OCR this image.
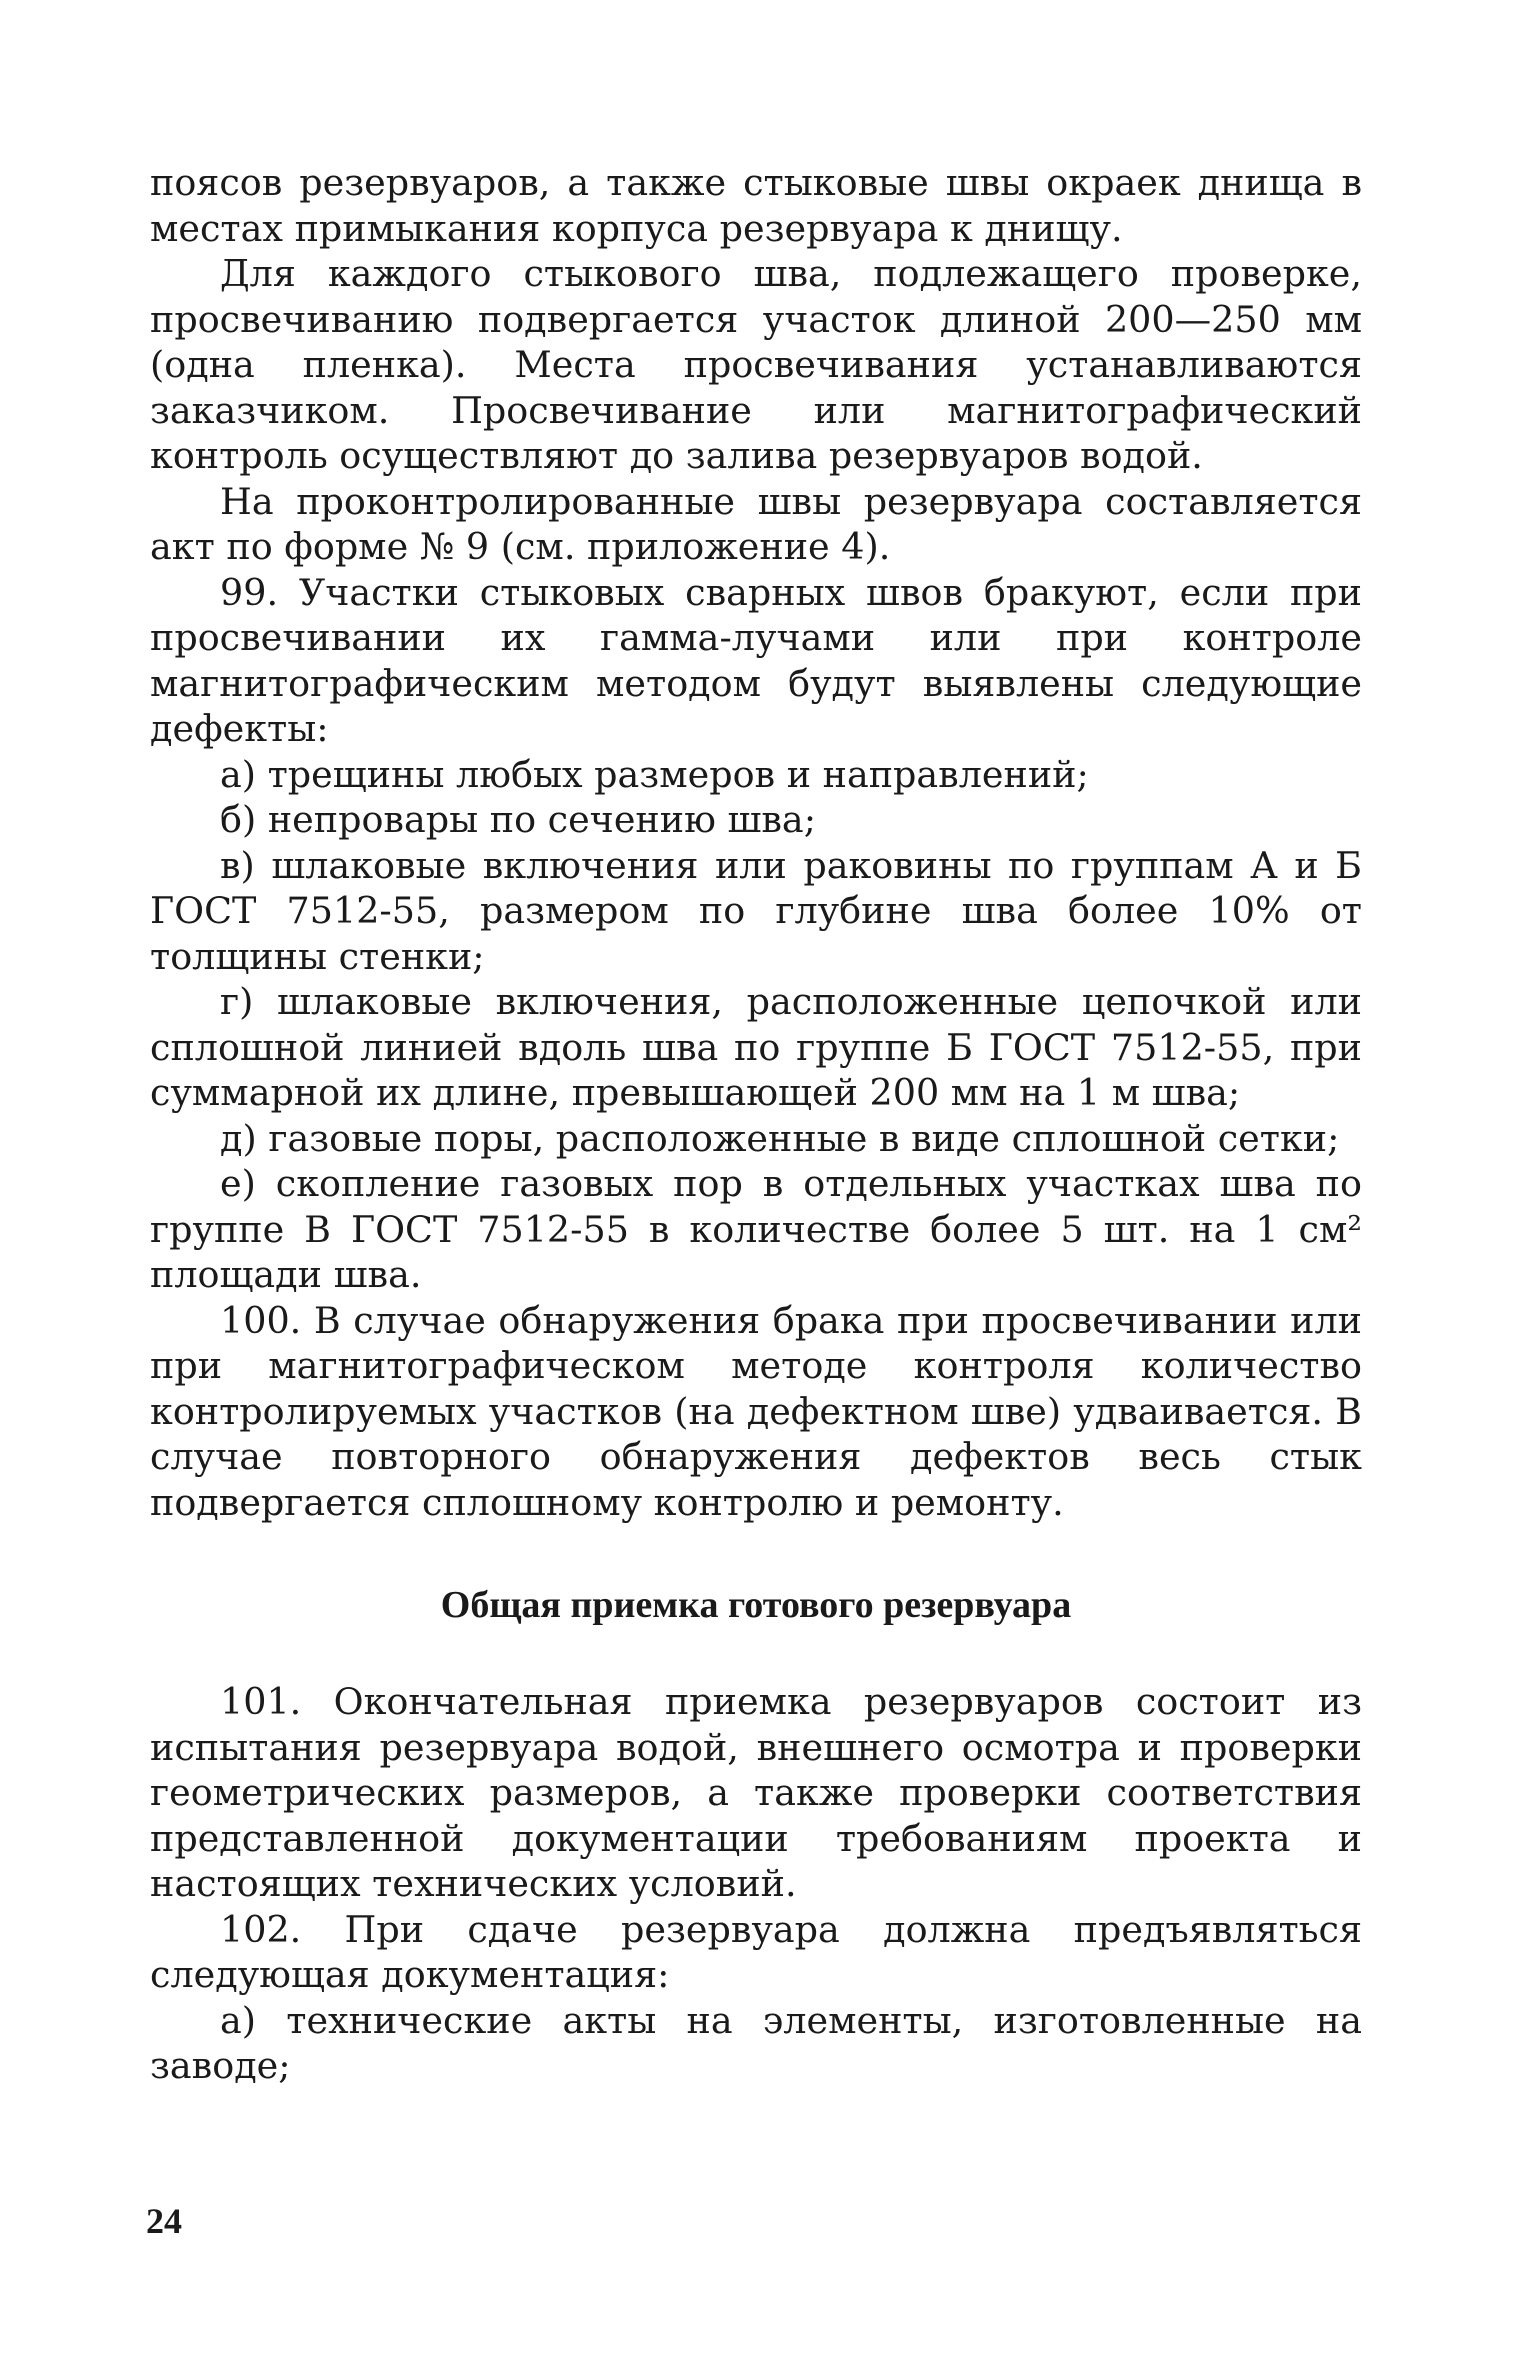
поясов резервуаров, а также стыковые швы окраек днища в местах примыкания корпуса резервуара к днищу.

Для каждого стыкового шва, подлежащего проверке, просвечиванию подвергается участок длиной 200—250 мм (одна пленка). Места просвечивания устанавливаются заказчиком. Просвечивание или магнитографический контроль осуществляют до залива резервуаров водой.

На проконтролированные швы резервуара составляется акт по форме № 9 (см. приложение 4).

99. Участки стыковых сварных швов бракуют, если при просвечивании их гамма-лучами или при контроле магнитографическим методом будут выявлены следующие дефекты:

а) трещины любых размеров и направлений;

б) непровары по сечению шва;

в) шлаковые включения или раковины по группам А и Б ГОСТ 7512-55, размером по глубине шва более 10% от толщины стенки;

г) шлаковые включения, расположенные цепочкой или сплошной линией вдоль шва по группе Б ГОСТ 7512-55, при суммарной их длине, превышающей 200 мм на 1 м шва;

д) газовые поры, расположенные в виде сплошной сетки;

е) скопление газовых пор в отдельных участках шва по группе В ГОСТ 7512-55 в количестве более 5 шт. на 1 см² площади шва.

100. В случае обнаружения брака при просвечивании или при магнитографическом методе контроля количество контролируемых участков (на дефектном шве) удваивается. В случае повторного обнаружения дефектов весь стык подвергается сплошному контролю и ремонту.

Общая приемка готового резервуара

101. Окончательная приемка резервуаров состоит из испытания резервуара водой, внешнего осмотра и проверки геометрических размеров, а также проверки соответствия представленной документации требованиям проекта и настоящих технических условий.

102. При сдаче резервуара должна предъявляться следующая документация:

а) технические акты на элементы, изготовленные на заводе;

24
